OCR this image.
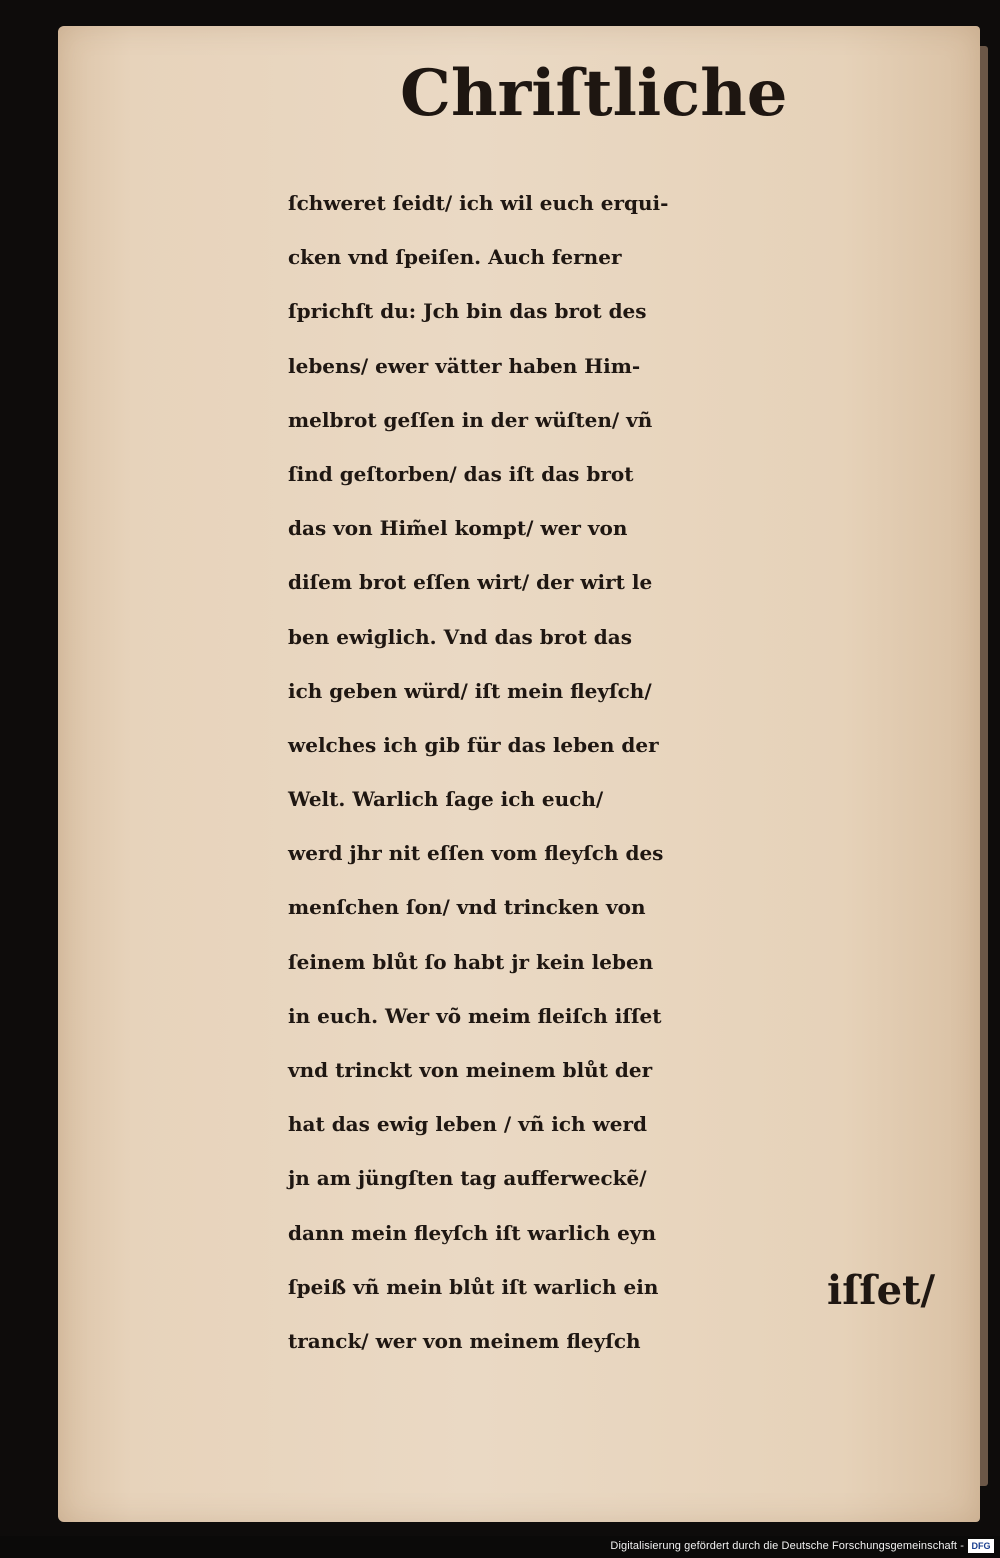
Chriſtliche
ſchweret ſeidt/ ich wil euch erqui-
cken vnd ſpeiſen. Auch ferner
ſprichſt du: Jch bin das brot des
lebens/ ewer vätter haben Him-
melbrot geſſen in der wüſten/ vñ
ſind geſtorben/ das iſt das brot
das von Him̃el kompt/ wer von
diſem brot eſſen wirt/ der wirt le
ben ewiglich. Vnd das brot das
ich geben würd/ iſt mein fleyſch/
welches ich gib für das leben der
Welt. Warlich ſage ich euch/
werd jhr nit eſſen vom fleyſch des
menſchen ſon/ vnd trincken von
ſeinem blůt ſo habt jr kein leben
in euch. Wer võ meim fleiſch iſſet
vnd trinckt von meinem blůt der
hat das ewig leben / vñ ich werd
jn am jüngſten tag aufferweckẽ/
dann mein fleyſch iſt warlich eyn
ſpeiß vñ mein blůt iſt warlich ein
tranck/ wer von meinem fleyſch
iſſet/
Digitalisierung gefördert durch die Deutsche Forschungsgemeinschaft - DFG
